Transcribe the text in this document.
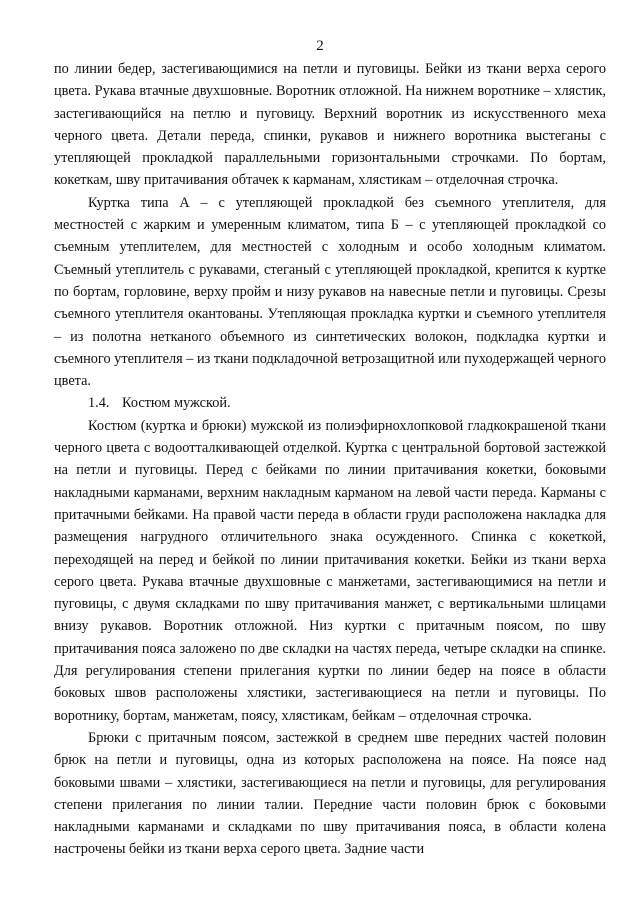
2

по линии бедер, застегивающимися на петли и пуговицы. Бейки из ткани верха серого цвета. Рукава втачные двухшовные. Воротник отложной. На нижнем воротнике – хлястик, застегивающийся на петлю и пуговицу. Верхний воротник из искусственного меха черного цвета. Детали переда, спинки, рукавов и нижнего воротника выстеганы с утепляющей прокладкой параллельными горизонтальными строчками. По бортам, кокеткам, шву притачивания обтачек к карманам, хлястикам – отделочная строчка.

Куртка типа А – с утепляющей прокладкой без съемного утеплителя, для местностей с жарким и умеренным климатом, типа Б – с утепляющей прокладкой со съемным утеплителем, для местностей с холодным и особо холодным климатом. Съемный утеплитель с рукавами, стеганый с утепляющей прокладкой, крепится к куртке по бортам, горловине, верху пройм и низу рукавов на навесные петли и пуговицы. Срезы съемного утеплителя окантованы. Утепляющая прокладка куртки и съемного утеплителя – из полотна нетканого объемного из синтетических волокон, подкладка куртки и съемного утеплителя – из ткани подкладочной ветрозащитной или пуходержащей черного цвета.

1.4. Костюм мужской.

Костюм (куртка и брюки) мужской из полиэфирнохлопковой гладкокрашеной ткани черного цвета с водоотталкивающей отделкой. Куртка с центральной бортовой застежкой на петли и пуговицы. Перед с бейками по линии притачивания кокетки, боковыми накладными карманами, верхним накладным карманом на левой части переда. Карманы с притачными бейками. На правой части переда в области груди расположена накладка для размещения нагрудного отличительного знака осужденного. Спинка с кокеткой, переходящей на перед и бейкой по линии притачивания кокетки. Бейки из ткани верха серого цвета. Рукава втачные двухшовные с манжетами, застегивающимися на петли и пуговицы, с двумя складками по шву притачивания манжет, с вертикальными шлицами внизу рукавов. Воротник отложной. Низ куртки с притачным поясом, по шву притачивания пояса заложено по две складки на частях переда, четыре складки на спинке. Для регулирования степени прилегания куртки по линии бедер на поясе в области боковых швов расположены хлястики, застегивающиеся на петли и пуговицы. По воротнику, бортам, манжетам, поясу, хлястикам, бейкам – отделочная строчка.

Брюки с притачным поясом, застежкой в среднем шве передних частей половин брюк на петли и пуговицы, одна из которых расположена на поясе. На поясе над боковыми швами – хлястики, застегивающиеся на петли и пуговицы, для регулирования степени прилегания по линии талии. Передние части половин брюк с боковыми накладными карманами и складками по шву притачивания пояса, в области колена настрочены бейки из ткани верха серого цвета. Задние части
